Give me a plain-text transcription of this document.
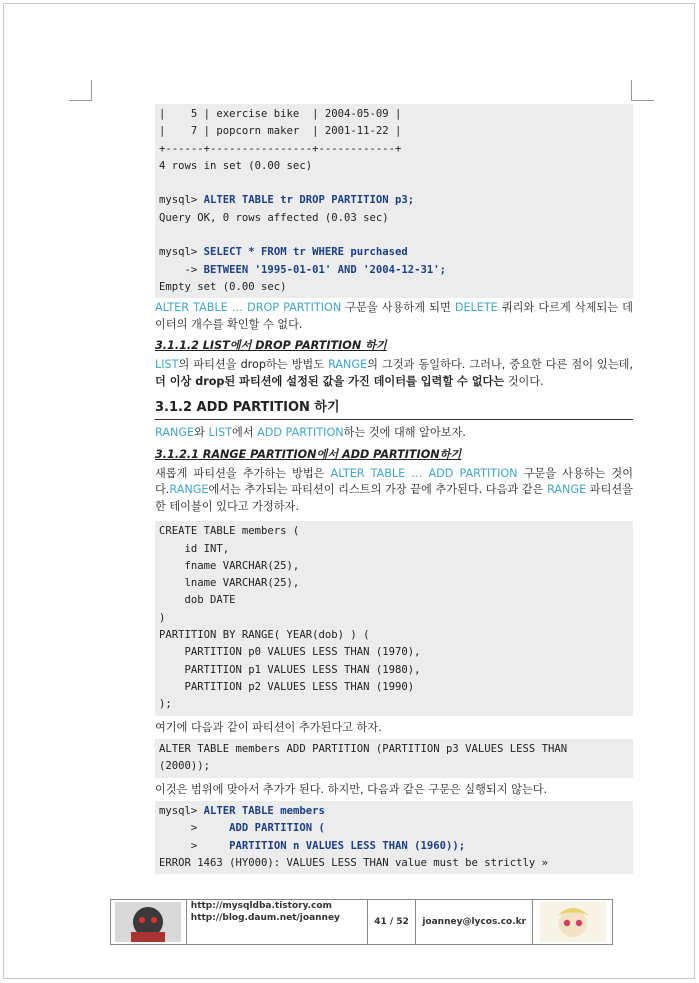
|    5 | exercise bike  | 2004-05-09 |
|    7 | popcorn maker  | 2001-11-22 |
+------+----------------+------------+
4 rows in set (0.00 sec)
mysql> ALTER TABLE tr DROP PARTITION p3;
Query OK, 0 rows affected (0.03 sec)
mysql> SELECT * FROM tr WHERE purchased
-> BETWEEN '1995-01-01' AND '2004-12-31';
Empty set (0.00 sec)
ALTER TABLE … DROP PARTITION 구문을 사용하게 되면 DELETE 쿼리와 다르게 삭제되는 데이터의 개수를 확인할 수 없다.
3.1.1.2 LIST에서 DROP PARTITION 하기
LIST의 파티션을 drop하는 방법도 RANGE의 그것과 동일하다. 그러나, 중요한 다른 점이 있는데, 더 이상 drop된 파티션에 설정된 값을 가진 데이터를 입력할 수 없다는 것이다.
3.1.2 ADD PARTITION 하기
RANGE와 LIST에서 ADD PARTITION하는 것에 대해 알아보자.
3.1.2.1 RANGE PARTITION에서 ADD PARTITION하기
새롭게 파티션을 추가하는 방법은 ALTER TABLE … ADD PARTITION 구문을 사용하는 것이다.RANGE에서는 추가되는 파티션이 리스트의 가장 끝에 추가된다. 다음과 같은 RANGE 파티션을 한 테이블이 있다고 가정하자.
CREATE TABLE members (
id INT,
fname VARCHAR(25),
lname VARCHAR(25),
dob DATE
)
PARTITION BY RANGE( YEAR(dob) ) (
PARTITION p0 VALUES LESS THAN (1970),
PARTITION p1 VALUES LESS THAN (1980),
PARTITION p2 VALUES LESS THAN (1990)
);
여기에 다음과 같이 파티션이 추가된다고 하자.
ALTER TABLE members ADD PARTITION (PARTITION p3 VALUES LESS THAN
(2000));
이것은 범위에 맞아서 추가가 된다. 하지만, 다음과 같은 구문은 실행되지 않는다.
mysql> ALTER TABLE members
>     ADD PARTITION (
>     PARTITION n VALUES LESS THAN (1960));
ERROR 1463 (HY000): VALUES LESS THAN value must be strictly »
http://mysqldba.tistory.com
http://blog.daum.net/joanney	41 / 52	joanney@lycos.co.kr
